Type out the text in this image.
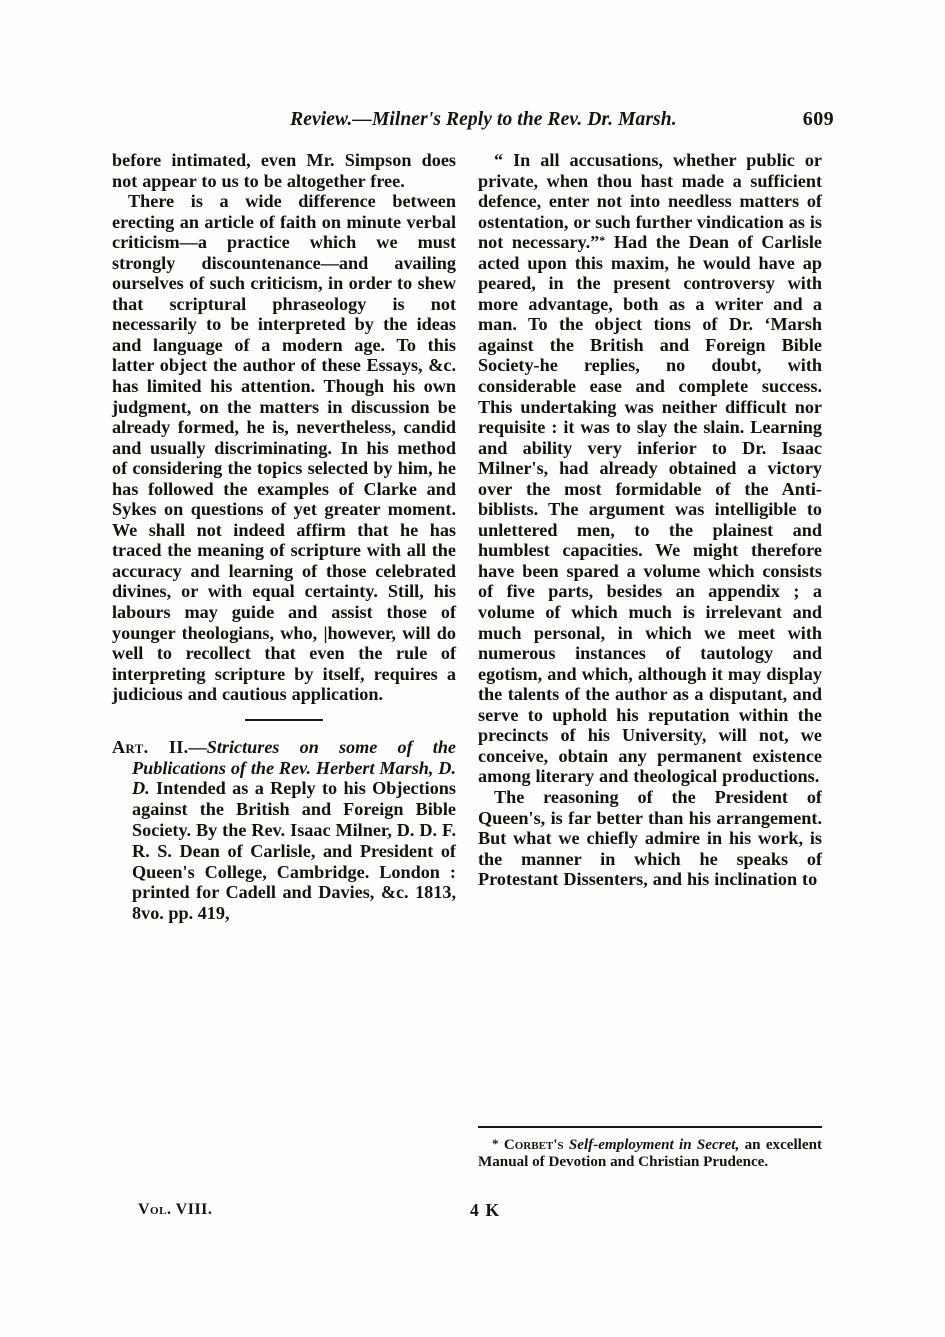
Review.—Milner's Reply to the Rev. Dr. Marsh.	609

before intimated, even Mr. Simpson does not appear to us to be altogether free.

There is a wide difference between erecting an article of faith on minute verbal criticism—a practice which we must strongly discountenance—and availing ourselves of such criticism, in order to shew that scriptural phraseology is not necessarily to be interpreted by the ideas and language of a modern age. To this latter object the author of these Essays, &c. has limited his attention. Though his own judgment, on the matters in discussion be already formed, he is, nevertheless, candid and usually discriminating. In his method of considering the topics selected by him, he has followed the examples of Clarke and Sykes on questions of yet greater moment. We shall not indeed affirm that he has traced the meaning of scripture with all the accuracy and learning of those celebrated divines, or with equal certainty. Still, his labours may guide and assist those of younger theologians, who, |however, will do well to recollect that even the rule of interpreting scripture by itself, requires a judicious and cautious application.

Art. II.—Strictures on some of the Publications of the Rev. Herbert Marsh, D. D. Intended as a Reply to his Objections against the British and Foreign Bible Society. By the Rev. Isaac Milner, D. D. F. R. S. Dean of Carlisle, and President of Queen's College, Cambridge. London : printed for Cadell and Davies, &c. 1813, 8vo. pp. 419,

“ In all accusations, whether public or private, when thou hast made a sufficient defence, enter not into needless matters of ostentation, or such further vindication as is not necessary.”* Had the Dean of Carlisle acted upon this maxim, he would have ap peared, in the present controversy with more advantage, both as a writer and a man. To the object tions of Dr. ‘Marsh against the British and Foreign Bible Society-he replies, no doubt, with considerable ease and complete success. This undertaking was neither difficult nor requisite : it was to slay the slain. Learning and ability very inferior to Dr. Isaac Milner's, had already obtained a victory over the most formidable of the Anti-biblists. The argument was intelligible to unlettered men, to the plainest and humblest capacities. We might therefore have been spared a volume which consists of five parts, besides an appendix ; a volume of which much is irrelevant and much personal, in which we meet with numerous instances of tautology and egotism, and which, although it may display the talents of the author as a disputant, and serve to uphold his reputation within the precincts of his University, will not, we conceive, obtain any permanent existence among literary and theological productions.

The reasoning of the President of Queen's, is far better than his arrangement. But what we chiefly admire in his work, is the manner in which he speaks of Protestant Dissenters, and his inclination to

* Corbet's Self-employment in Secret, an excellent Manual of Devotion and Christian Prudence.
Vol. VIII.	4 K
